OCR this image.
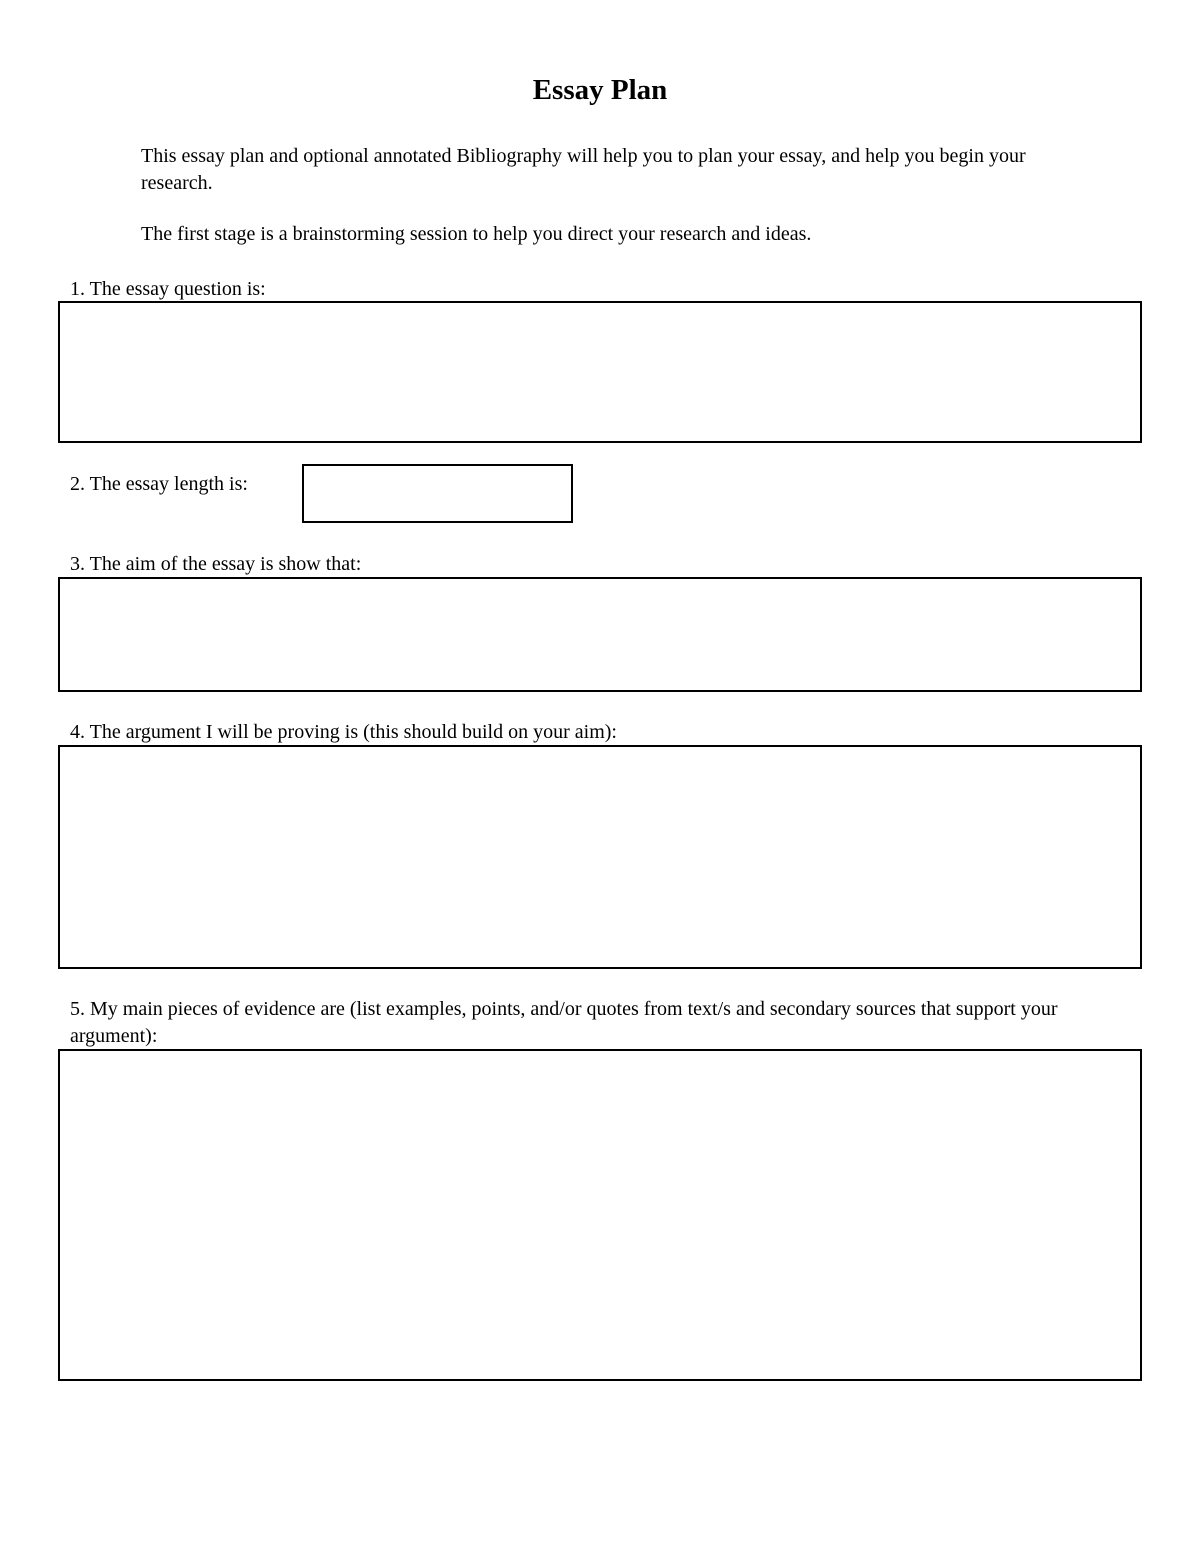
Essay Plan
This essay plan and optional annotated Bibliography will help you to plan your essay, and help you begin your research.
The first stage is a brainstorming session to help you direct your research and ideas.
1. The essay question is:
2. The essay length is:
3. The aim of the essay is show that:
4. The argument I will be proving is (this should build on your aim):
5. My main pieces of evidence are (list examples, points, and/or quotes from text/s and secondary sources that support your argument):
